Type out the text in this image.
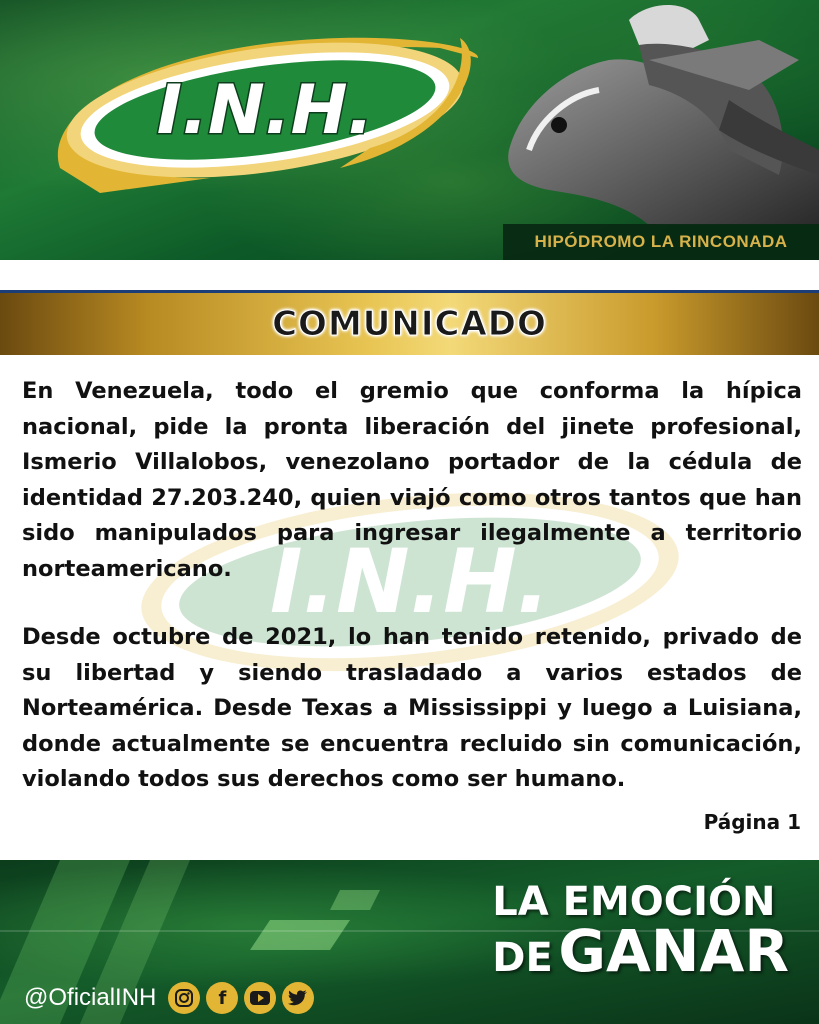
I.N.H.
HIPÓDROMO LA RINCONADA
COMUNICADO
I.N.H.

En Venezuela, todo el gremio que conforma la hípica nacional, pide la pronta liberación del jinete profesional, Ismerio Villalobos, venezolano portador de la cédula de identidad 27.203.240, quien viajó como otros tantos que han sido manipulados para ingresar ilegalmente a territorio norteamericano.

Desde octubre de 2021, lo han tenido retenido, privado de su libertad y siendo trasladado a varios estados de Norteamérica. Desde Texas a Mississippi y luego a Luisiana, donde actualmente se encuentra recluido sin comunicación, violando todos sus derechos como ser humano.

Página 1
LA EMOCIÓN
DE GANAR
@OficialINH	f
